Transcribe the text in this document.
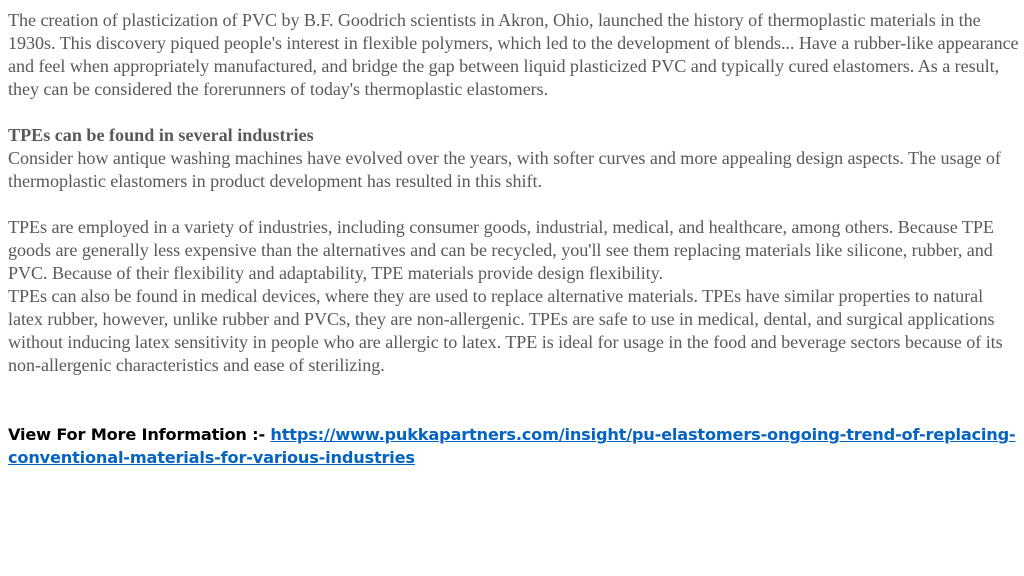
The creation of plasticization of PVC by B.F. Goodrich scientists in Akron, Ohio, launched the history of thermoplastic materials in the 1930s. This discovery piqued people's interest in flexible polymers, which led to the development of blends... Have a rubber-like appearance and feel when appropriately manufactured, and bridge the gap between liquid plasticized PVC and typically cured elastomers. As a result, they can be considered the forerunners of today's thermoplastic elastomers.

TPEs can be found in several industries

Consider how antique washing machines have evolved over the years, with softer curves and more appealing design aspects. The usage of thermoplastic elastomers in product development has resulted in this shift.

TPEs are employed in a variety of industries, including consumer goods, industrial, medical, and healthcare, among others. Because TPE goods are generally less expensive than the alternatives and can be recycled, you'll see them replacing materials like silicone, rubber, and PVC. Because of their flexibility and adaptability, TPE materials provide design flexibility.

TPEs can also be found in medical devices, where they are used to replace alternative materials. TPEs have similar properties to natural latex rubber, however, unlike rubber and PVCs, they are non-allergenic. TPEs are safe to use in medical, dental, and surgical applications without inducing latex sensitivity in people who are allergic to latex. TPE is ideal for usage in the food and beverage sectors because of its non-allergenic characteristics and ease of sterilizing.

View For More Information :- https://www.pukkapartners.com/insight/pu-elastomers-ongoing-trend-of-replacing-conventional-materials-for-various-industries
